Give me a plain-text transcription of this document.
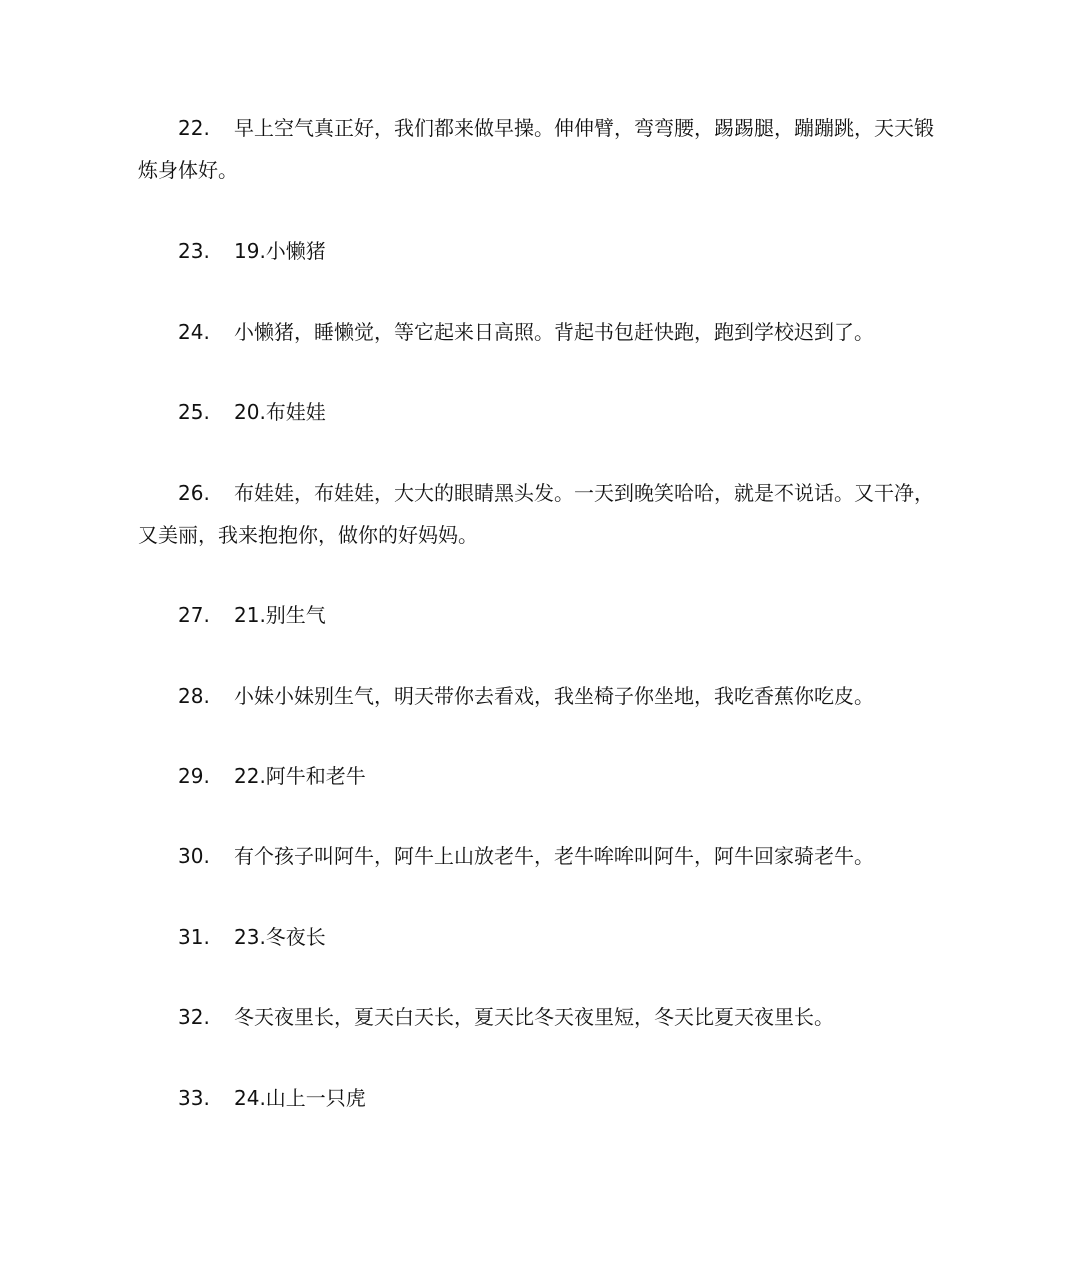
22. 早上空气真正好，我们都来做早操。伸伸臂，弯弯腰，踢踢腿，蹦蹦跳，天天锻炼身体好。

23. 19.小懒猪

24. 小懒猪，睡懒觉，等它起来日高照。背起书包赶快跑，跑到学校迟到了。

25. 20.布娃娃

26. 布娃娃，布娃娃，大大的眼睛黑头发。一天到晚笑哈哈，就是不说话。又干净，又美丽，我来抱抱你，做你的好妈妈。

27. 21.别生气

28. 小妹小妹别生气，明天带你去看戏，我坐椅子你坐地，我吃香蕉你吃皮。

29. 22.阿牛和老牛

30. 有个孩子叫阿牛，阿牛上山放老牛，老牛哞哞叫阿牛，阿牛回家骑老牛。

31. 23.冬夜长

32. 冬天夜里长，夏天白天长，夏天比冬天夜里短，冬天比夏天夜里长。

33. 24.山上一只虎
